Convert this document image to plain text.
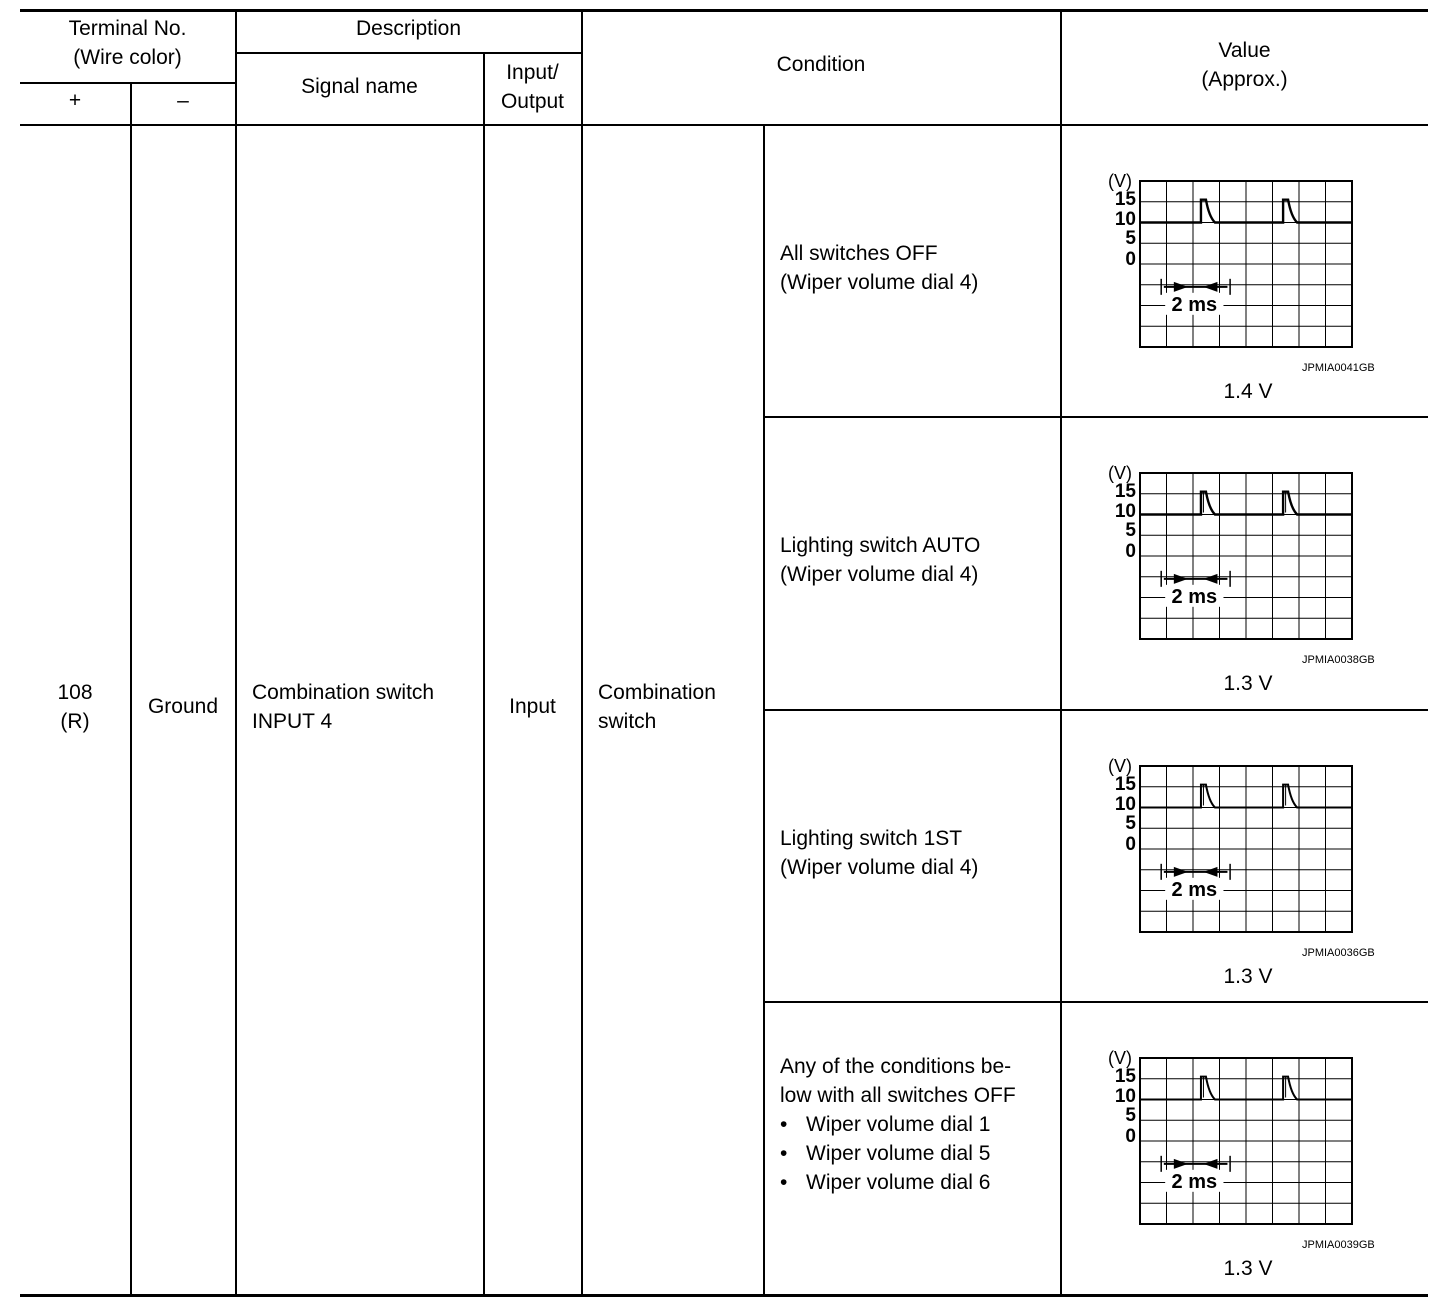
Terminal No.
(Wire color)
+	–
Description
Signal name
Input/
Output
Condition
Value
(Approx.)
108
(R)
Ground
Combination switch
INPUT 4
Input
Combination
switch
All switches OFF
(Wiper volume dial 4)
(V)
15
10
5
0
2 ms
JPMIA0041GB
1.4 V
Lighting switch AUTO
(Wiper volume dial 4)
(V)
15
10
5
0
2 ms
JPMIA0038GB
1.3 V
Lighting switch 1ST
(Wiper volume dial 4)
(V)
15
10
5
0
2 ms
JPMIA0036GB
1.3 V
Any of the conditions be-
low with all switches OFF
• Wiper volume dial 1
• Wiper volume dial 5
• Wiper volume dial 6
(V)
15
10
5
0
2 ms
JPMIA0039GB
1.3 V
